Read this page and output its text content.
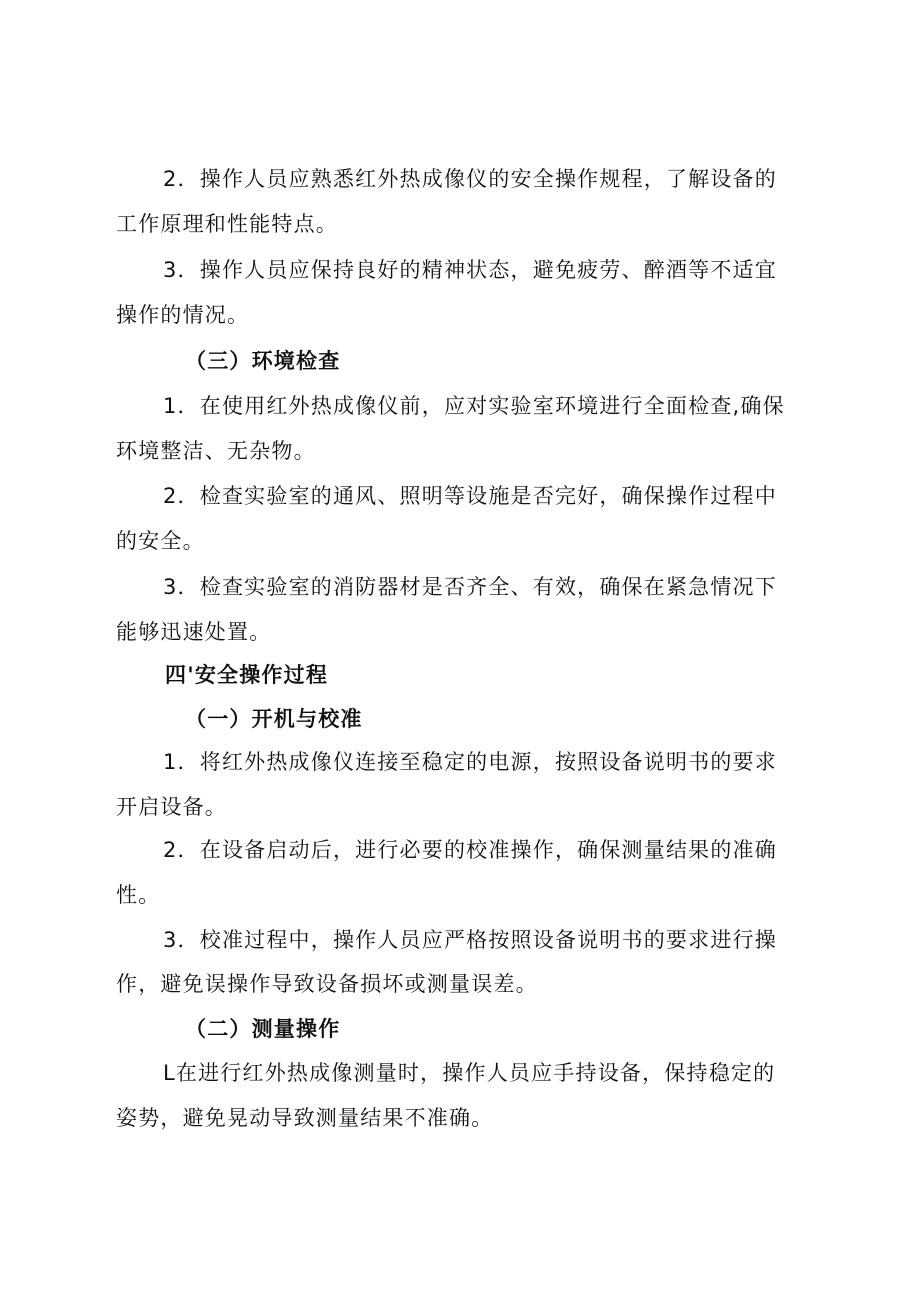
2．操作人员应熟悉红外热成像仪的安全操作规程，了解设备的
工作原理和性能特点。
3．操作人员应保持良好的精神状态，避免疲劳、醉酒等不适宜
操作的情况。
（三）环境检查
1．在使用红外热成像仪前，应对实验室环境进行全面检查,确保
环境整洁、无杂物。
2．检查实验室的通风、照明等设施是否完好，确保操作过程中
的安全。
3．检查实验室的消防器材是否齐全、有效，确保在紧急情况下
能够迅速处置。
四'安全操作过程
（一）开机与校准
1．将红外热成像仪连接至稳定的电源，按照设备说明书的要求
开启设备。
2．在设备启动后，进行必要的校准操作，确保测量结果的准确
性。
3．校准过程中，操作人员应严格按照设备说明书的要求进行操
作，避免误操作导致设备损坏或测量误差。
（二）测量操作
L在进行红外热成像测量时，操作人员应手持设备，保持稳定的
姿势，避免晃动导致测量结果不准确。
